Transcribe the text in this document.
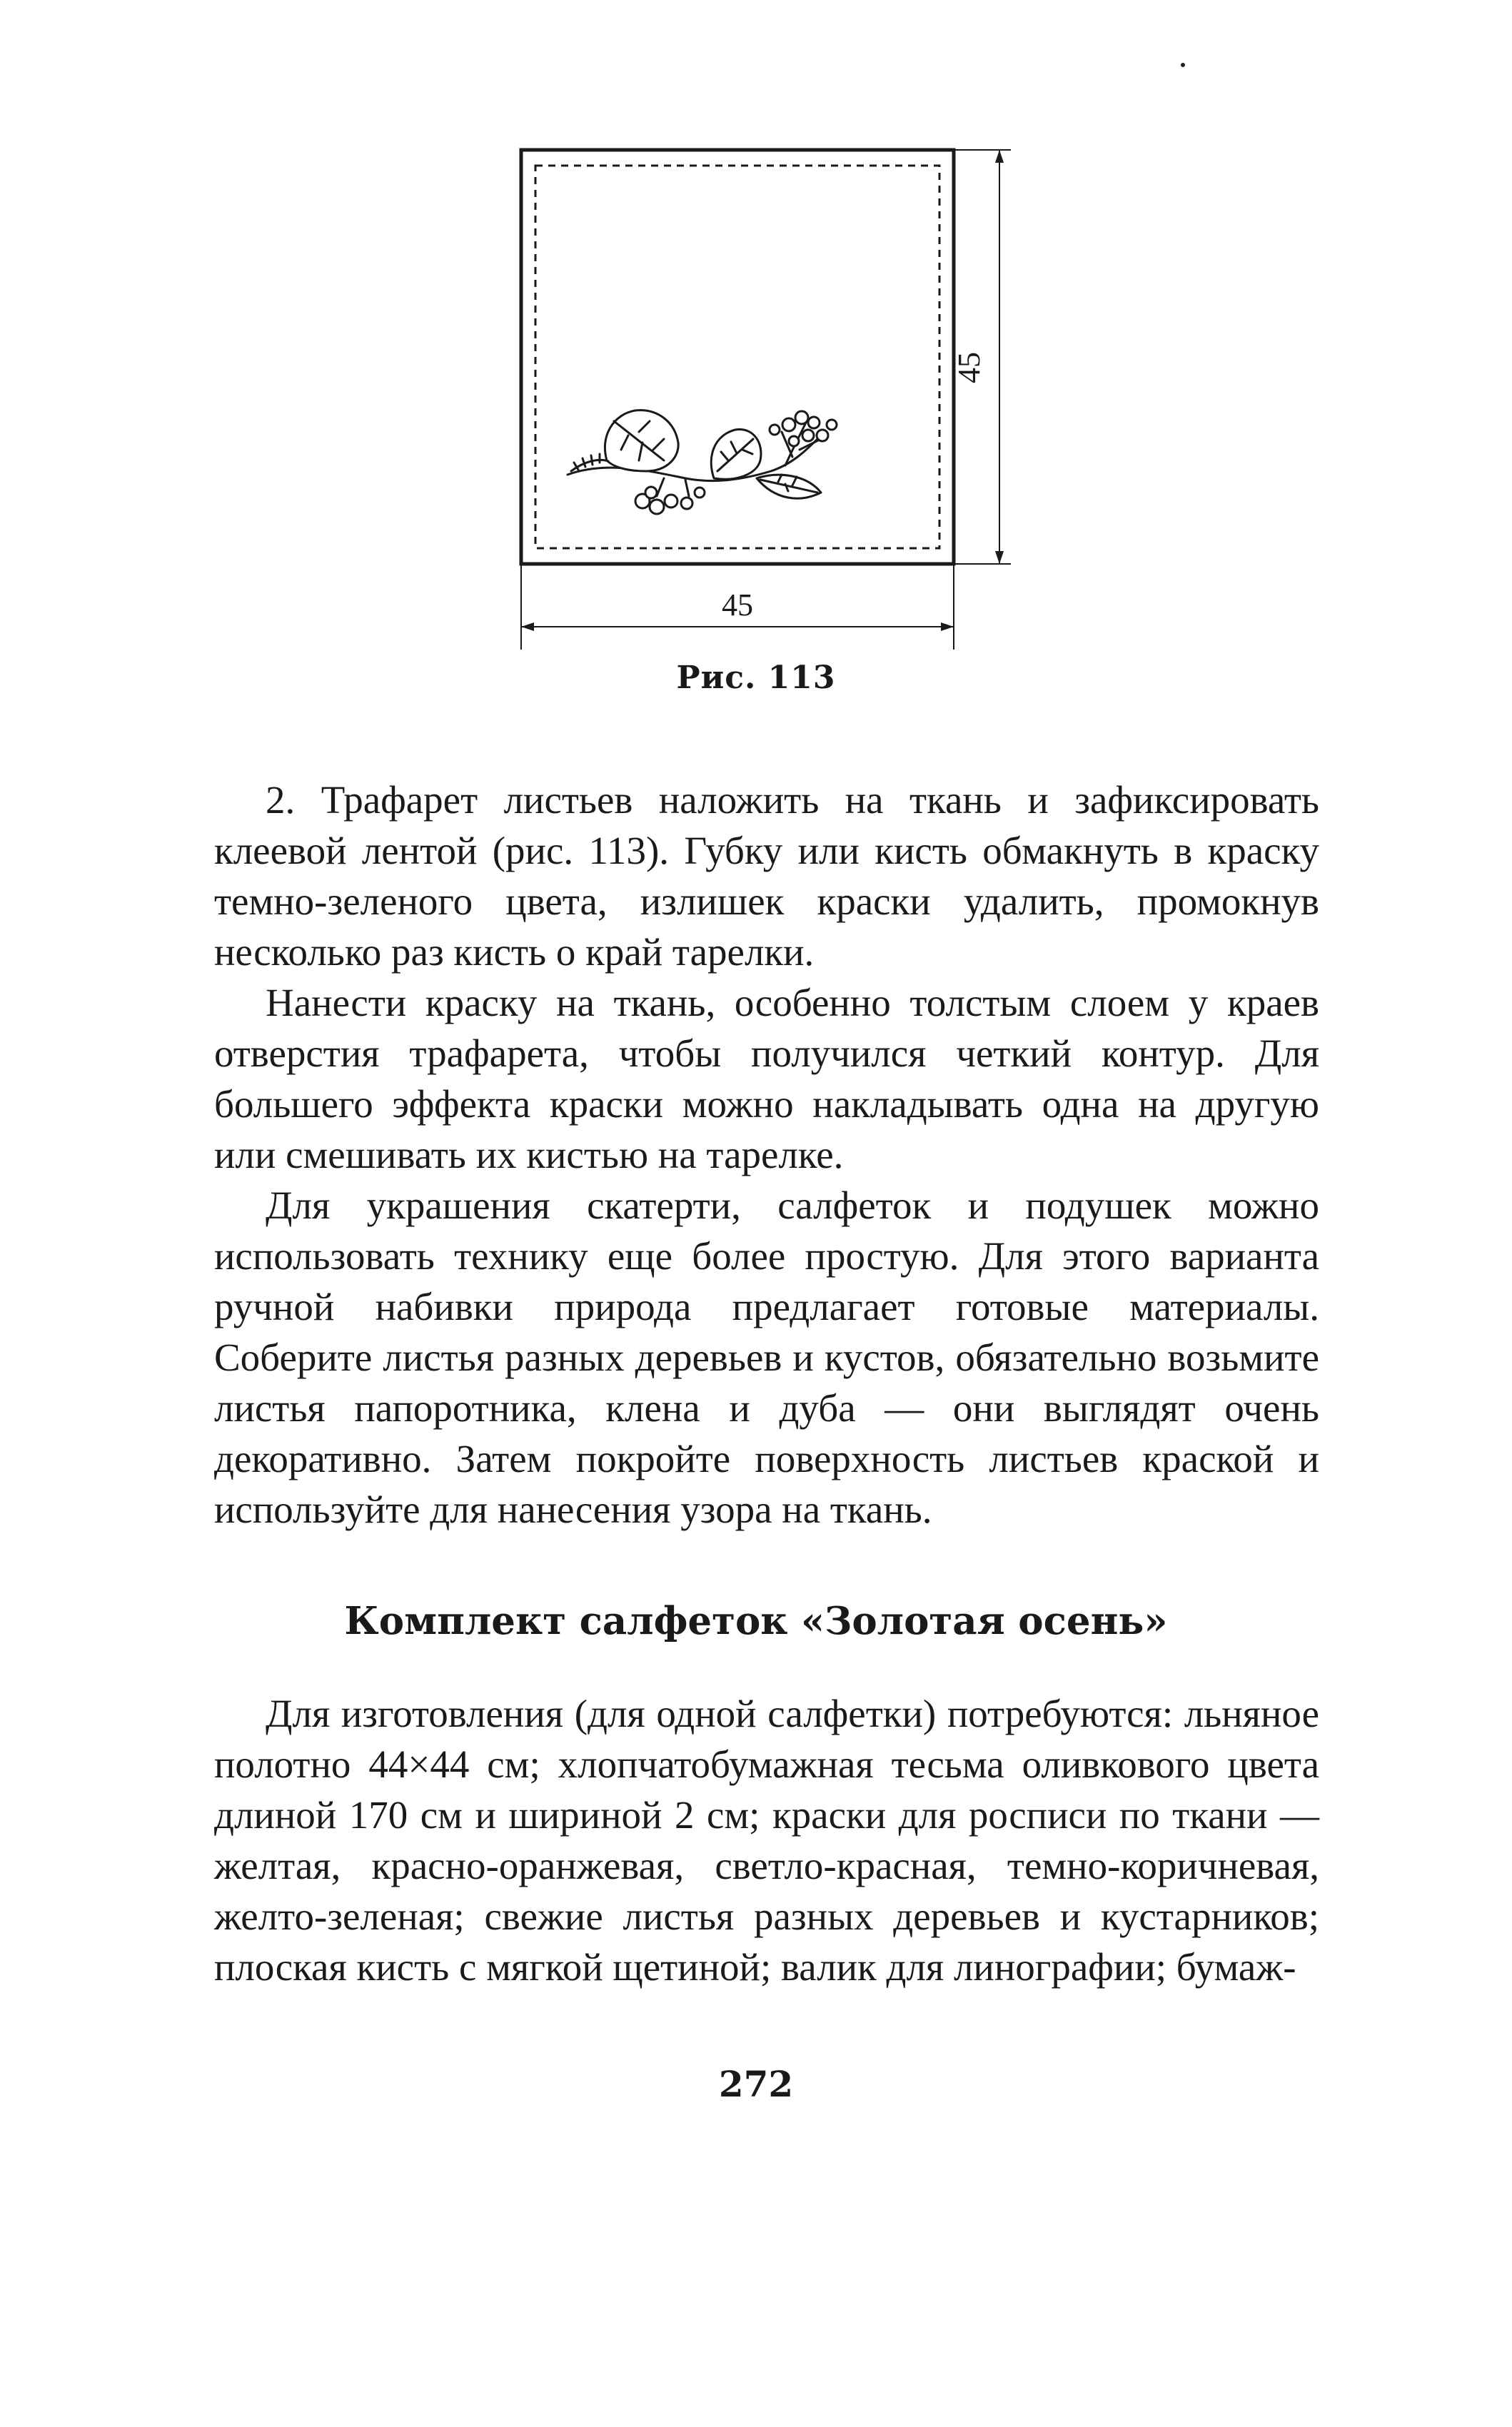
45
45
Рис. 113

2. Трафарет листьев наложить на ткань и зафиксировать клеевой лентой (рис. 113). Губку или кисть обмакнуть в краску темно-зеленого цвета, излишек краски удалить, промокнув несколько раз кисть о край тарелки.

Нанести краску на ткань, особенно толстым слоем у краев отверстия трафарета, чтобы получился четкий контур. Для большего эффекта краски можно накладывать одна на другую или смешивать их кистью на тарелке.

Для украшения скатерти, салфеток и подушек можно использовать технику еще более простую. Для этого варианта ручной набивки природа предлагает готовые материалы. Соберите листья разных деревьев и кустов, обязательно возьмите листья папоротника, клена и дуба — они выглядят очень декоративно. Затем покройте поверхность листьев краской и используйте для нанесения узора на ткань.

Комплект салфеток «Золотая осень»

Для изготовления (для одной салфетки) потребуются: льняное полотно 44×44 см; хлопчатобумажная тесьма оливкового цвета длиной 170 см и шириной 2 см; краски для росписи по ткани — желтая, красно-оранжевая, светло-красная, темно-коричневая, желто-зеленая; свежие листья разных деревьев и кустарников; плоская кисть с мягкой щетиной; валик для линографии; бумаж-

272
